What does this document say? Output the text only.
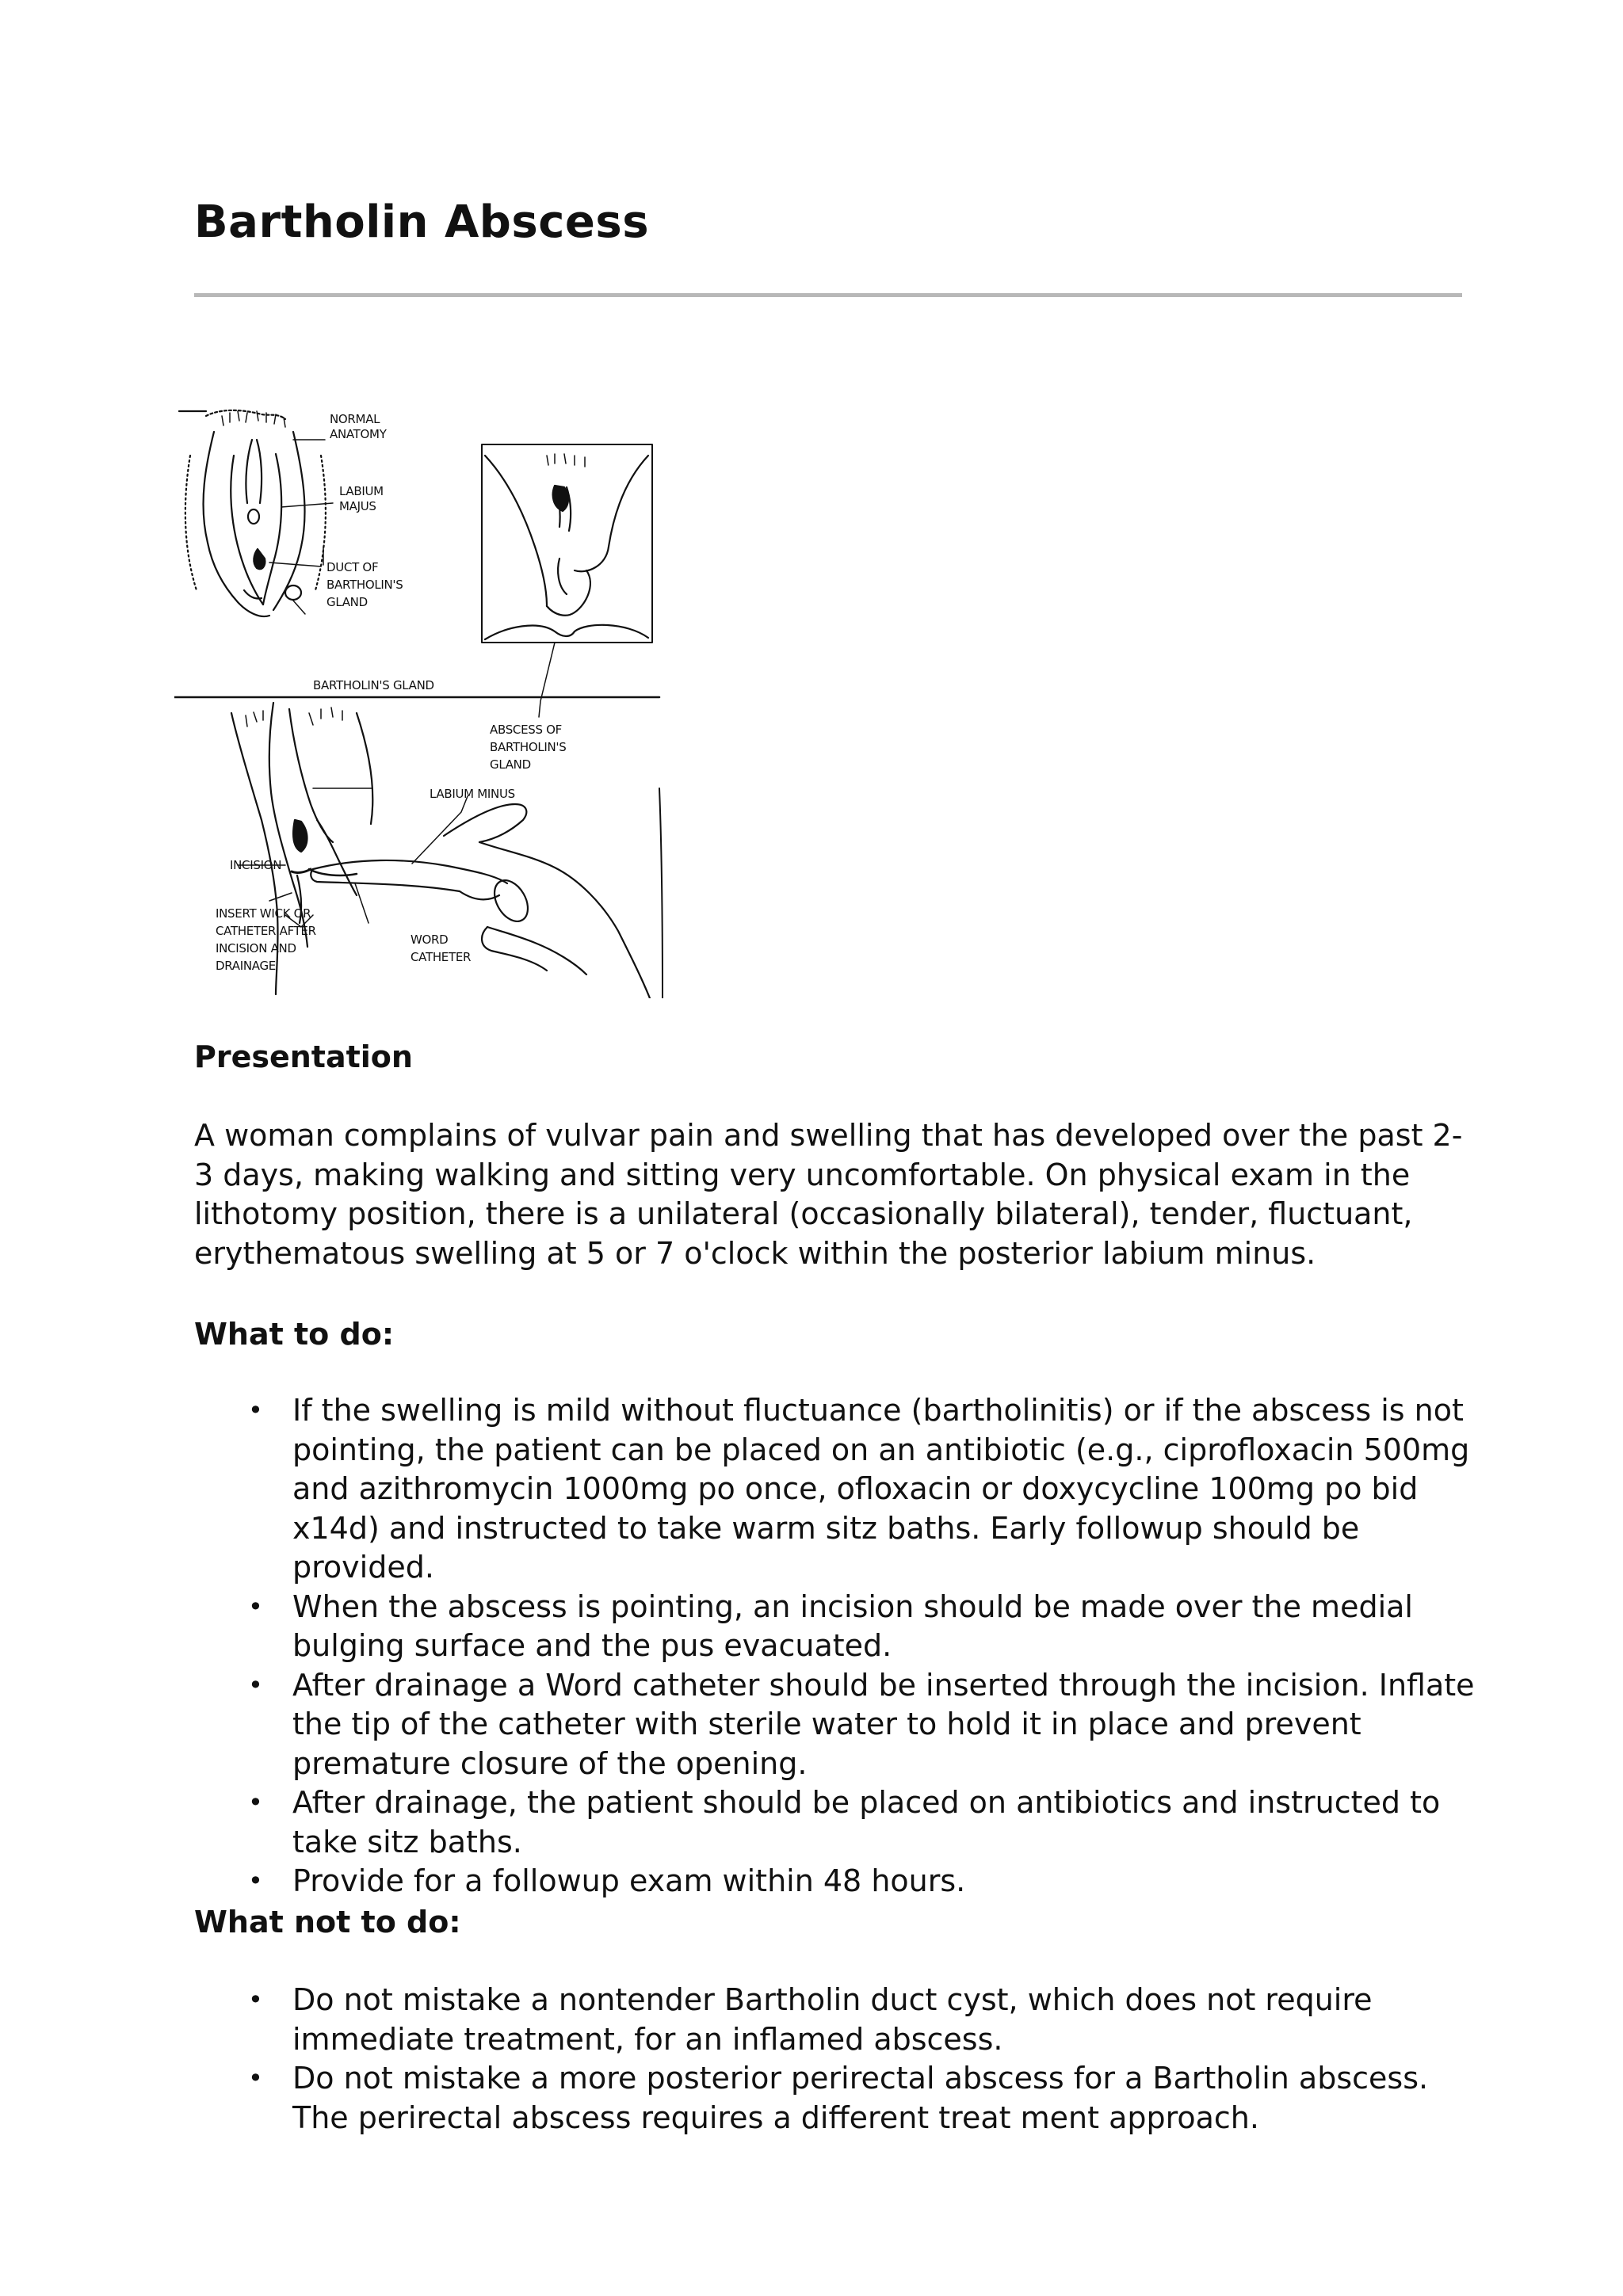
Bartholin Abscess
NORMAL ANATOMY
LABIUM MAJUS
DUCT OF BARTHOLIN'S GLAND
BARTHOLIN'S GLAND
ABSCESS OF BARTHOLIN'S GLAND
LABIUM MINUS
INCISION
INSERT WICK OR CATHETER AFTER INCISION AND DRAINAGE
WORD CATHETER
Presentation

A woman complains of vulvar pain and swelling that has developed over the past 2-3 days, making walking and sitting very uncomfortable. On physical exam in the lithotomy position, there is a unilateral (occasionally bilateral), tender, fluctuant, erythematous swelling at 5 or 7 o'clock within the posterior labium minus.

What to do:
• If the swelling is mild without fluctuance (bartholinitis) or if the abscess is not pointing, the patient can be placed on an antibiotic (e.g., ciprofloxacin 500mg and azithromycin 1000mg po once, ofloxacin or doxycycline 100mg po bid x14d) and instructed to take warm sitz baths. Early followup should be provided.
• When the abscess is pointing, an incision should be made over the medial bulging surface and the pus evacuated.
• After drainage a Word catheter should be inserted through the incision. Inflate the tip of the catheter with sterile water to hold it in place and prevent premature closure of the opening.
• After drainage, the patient should be placed on antibiotics and instructed to take sitz baths.
• Provide for a followup exam within 48 hours.
What not to do:
• Do not mistake a nontender Bartholin duct cyst, which does not require immediate treatment, for an inflamed abscess.
• Do not mistake a more posterior perirectal abscess for a Bartholin abscess. The perirectal abscess requires a different treat ment approach.
